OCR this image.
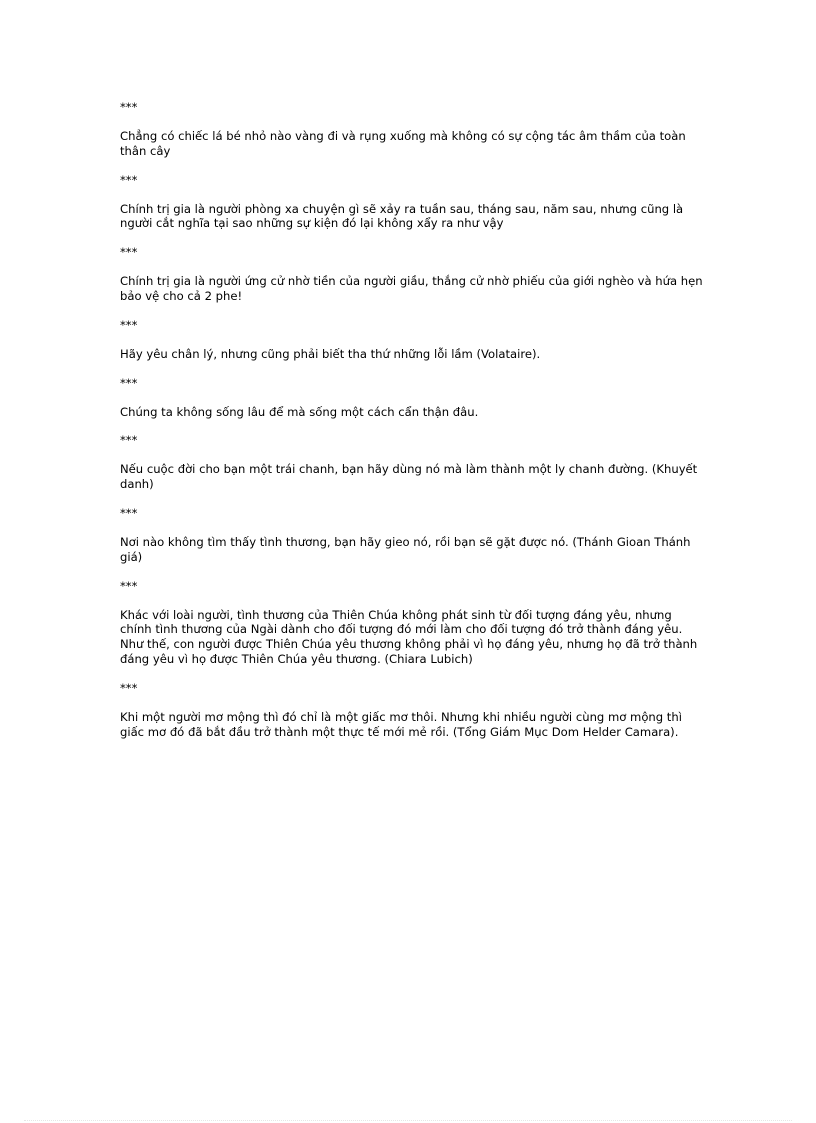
***

Chẳng có chiếc lá bé nhỏ nào vàng đi và rụng xuống mà không có sự cộng tác âm thầm của toàn thân cây

***

Chính trị gia là người phòng xa chuyện gì sẽ xảy ra tuần sau, tháng sau, năm sau, nhưng cũng là người cắt nghĩa tại sao những sự kiện đó lại không xẩy ra như vậy

***

Chính trị gia là người ứng cử nhờ tiền của người giầu, thắng cử nhờ phiếu của giới nghèo và hứa hẹn bảo vệ cho cả 2 phe!

***

Hãy yêu chân lý, nhưng cũng phải biết tha thứ những lỗi lầm (Volataire).

***

Chúng ta không sống lâu để mà sống một cách cẩn thận đâu.

***

Nếu cuộc đời cho bạn một trái chanh, bạn hãy dùng nó mà làm thành một ly chanh đường. (Khuyết danh)

***

Nơi nào không tìm thấy tình thương, bạn hãy gieo nó, rồi bạn sẽ gặt được nó. (Thánh Gioan Thánh giá)

***

Khác với loài người, tình thương của Thiên Chúa không phát sinh từ đối tượng đáng yêu, nhưng chính tình thương của Ngài dành cho đối tượng đó mới làm cho đối tượng đó trở thành đáng yêu. Như thế, con người được Thiên Chúa yêu thương không phải vì họ đáng yêu, nhưng họ đã trở thành đáng yêu vì họ được Thiên Chúa yêu thương. (Chiara Lubich)

***

Khi một người mơ mộng thì đó chỉ là một giấc mơ thôi. Nhưng khi nhiều người cùng mơ mộng thì giấc mơ đó đã bắt đầu trở thành một thực tế mới mẻ rồi. (Tổng Giám Mục Dom Helder Camara).
